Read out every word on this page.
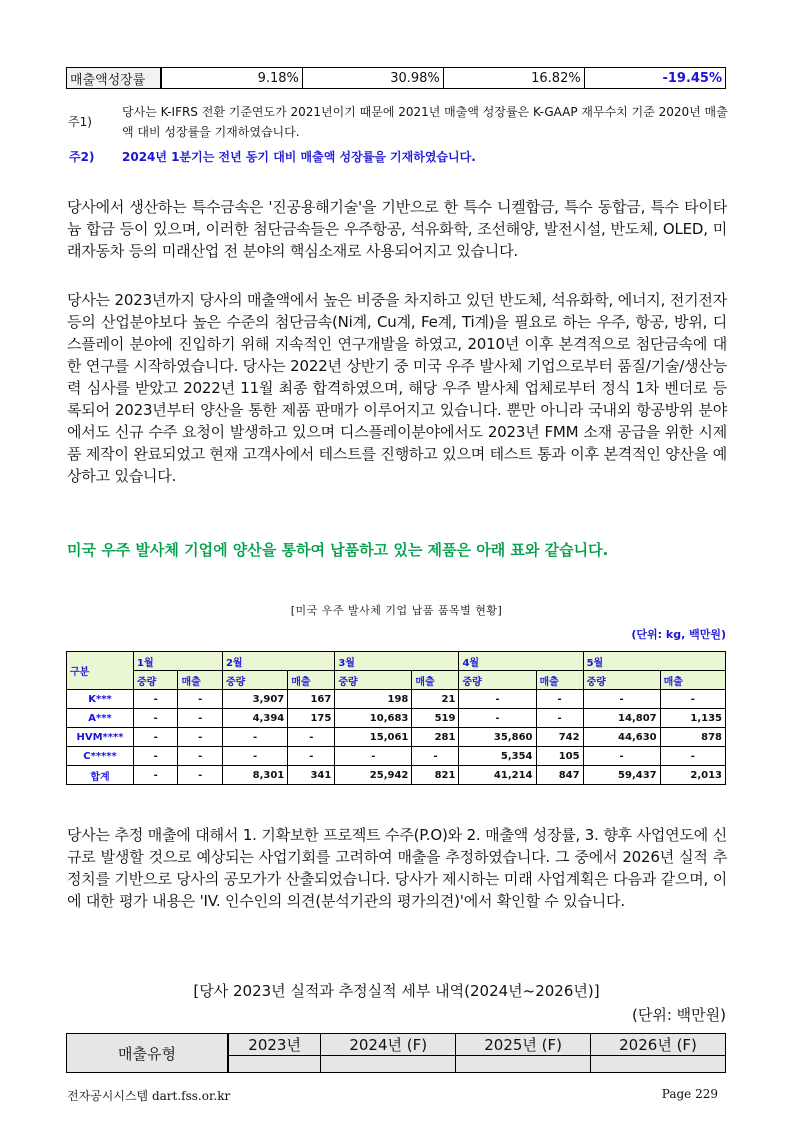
매출액성장률	9.18%	30.98%	16.82%	-19.45%
주1)
당사는 K-IFRS 전환 기준연도가 2021년이기 때문에 2021년 매출액 성장률은 K-GAAP 재무수치 기준 2020년 매출액 대비 성장률을 기재하였습니다.
주2) 2024년 1분기는 전년 동기 대비 매출액 성장률을 기재하였습니다.
당사에서 생산하는 특수금속은 '진공용해기술'을 기반으로 한 특수 니켈합금, 특수 동합금, 특수 타이타늄 합금 등이 있으며, 이러한 첨단금속들은 우주항공, 석유화학, 조선해양, 발전시설, 반도체, OLED, 미래자동차 등의 미래산업 전 분야의 핵심소재로 사용되어지고 있습니다.
당사는 2023년까지 당사의 매출액에서 높은 비중을 차지하고 있던 반도체, 석유화학, 에너지, 전기전자등의 산업분야보다 높은 수준의 첨단금속(Ni계, Cu계, Fe계, Ti계)을 필요로 하는 우주, 항공, 방위, 디스플레이 분야에 진입하기 위해 지속적인 연구개발을 하였고, 2010년 이후 본격적으로 첨단금속에 대한 연구를 시작하였습니다. 당사는 2022년 상반기 중 미국 우주 발사체 기업으로부터 품질/기술/생산능력 심사를 받았고 2022년 11월 최종 합격하였으며, 해당 우주 발사체 업체로부터 정식 1차 벤더로 등록되어 2023년부터 양산을 통한 제품 판매가 이루어지고 있습니다. 뿐만 아니라 국내외 항공방위 분야에서도 신규 수주 요청이 발생하고 있으며 디스플레이분야에서도 2023년 FMM 소재 공급을 위한 시제품 제작이 완료되었고 현재 고객사에서 테스트를 진행하고 있으며 테스트 통과 이후 본격적인 양산을 예상하고 있습니다.
미국 우주 발사체 기업에 양산을 통하여 납품하고 있는 제품은 아래 표와 같습니다.
[미국 우주 발사체 기업 납품 품목별 현황]
(단위: kg, 백만원)
구분	1월		2월		3월		4월		5월	
	중량	매출	중량	매출	중량	매출	중량	매출	중량	매출
K***	-	-	3,907	167	198	21	-	-	-	-
A***	-	-	4,394	175	10,683	519	-	-	14,807	1,135
HVM****	-	-	-	-	15,061	281	35,860	742	44,630	878
C*****	-	-	-	-	-	-	5,354	105	-	-
합계	-	-	8,301	341	25,942	821	41,214	847	59,437	2,013
당사는 추정 매출에 대해서 1. 기확보한 프로젝트 수주(P.O)와 2. 매출액 성장률, 3. 향후 사업연도에 신규로 발생할 것으로 예상되는 사업기회를 고려하여 매출을 추정하였습니다. 그 중에서 2026년 실적 추정치를 기반으로 당사의 공모가가 산출되었습니다. 당사가 제시하는 미래 사업계획은 다음과 같으며, 이에 대한 평가 내용은 'IV. 인수인의 의견(분석기관의 평가의견)'에서 확인할 수 있습니다.
[당사 2023년 실적과 추정실적 세부 내역(2024년~2026년)]
(단위: 백만원)
매출유형	2023년	2024년 (F)	2025년 (F)	2026년 (F)

전자공시시스템 dart.fss.or.kr	Page 229
